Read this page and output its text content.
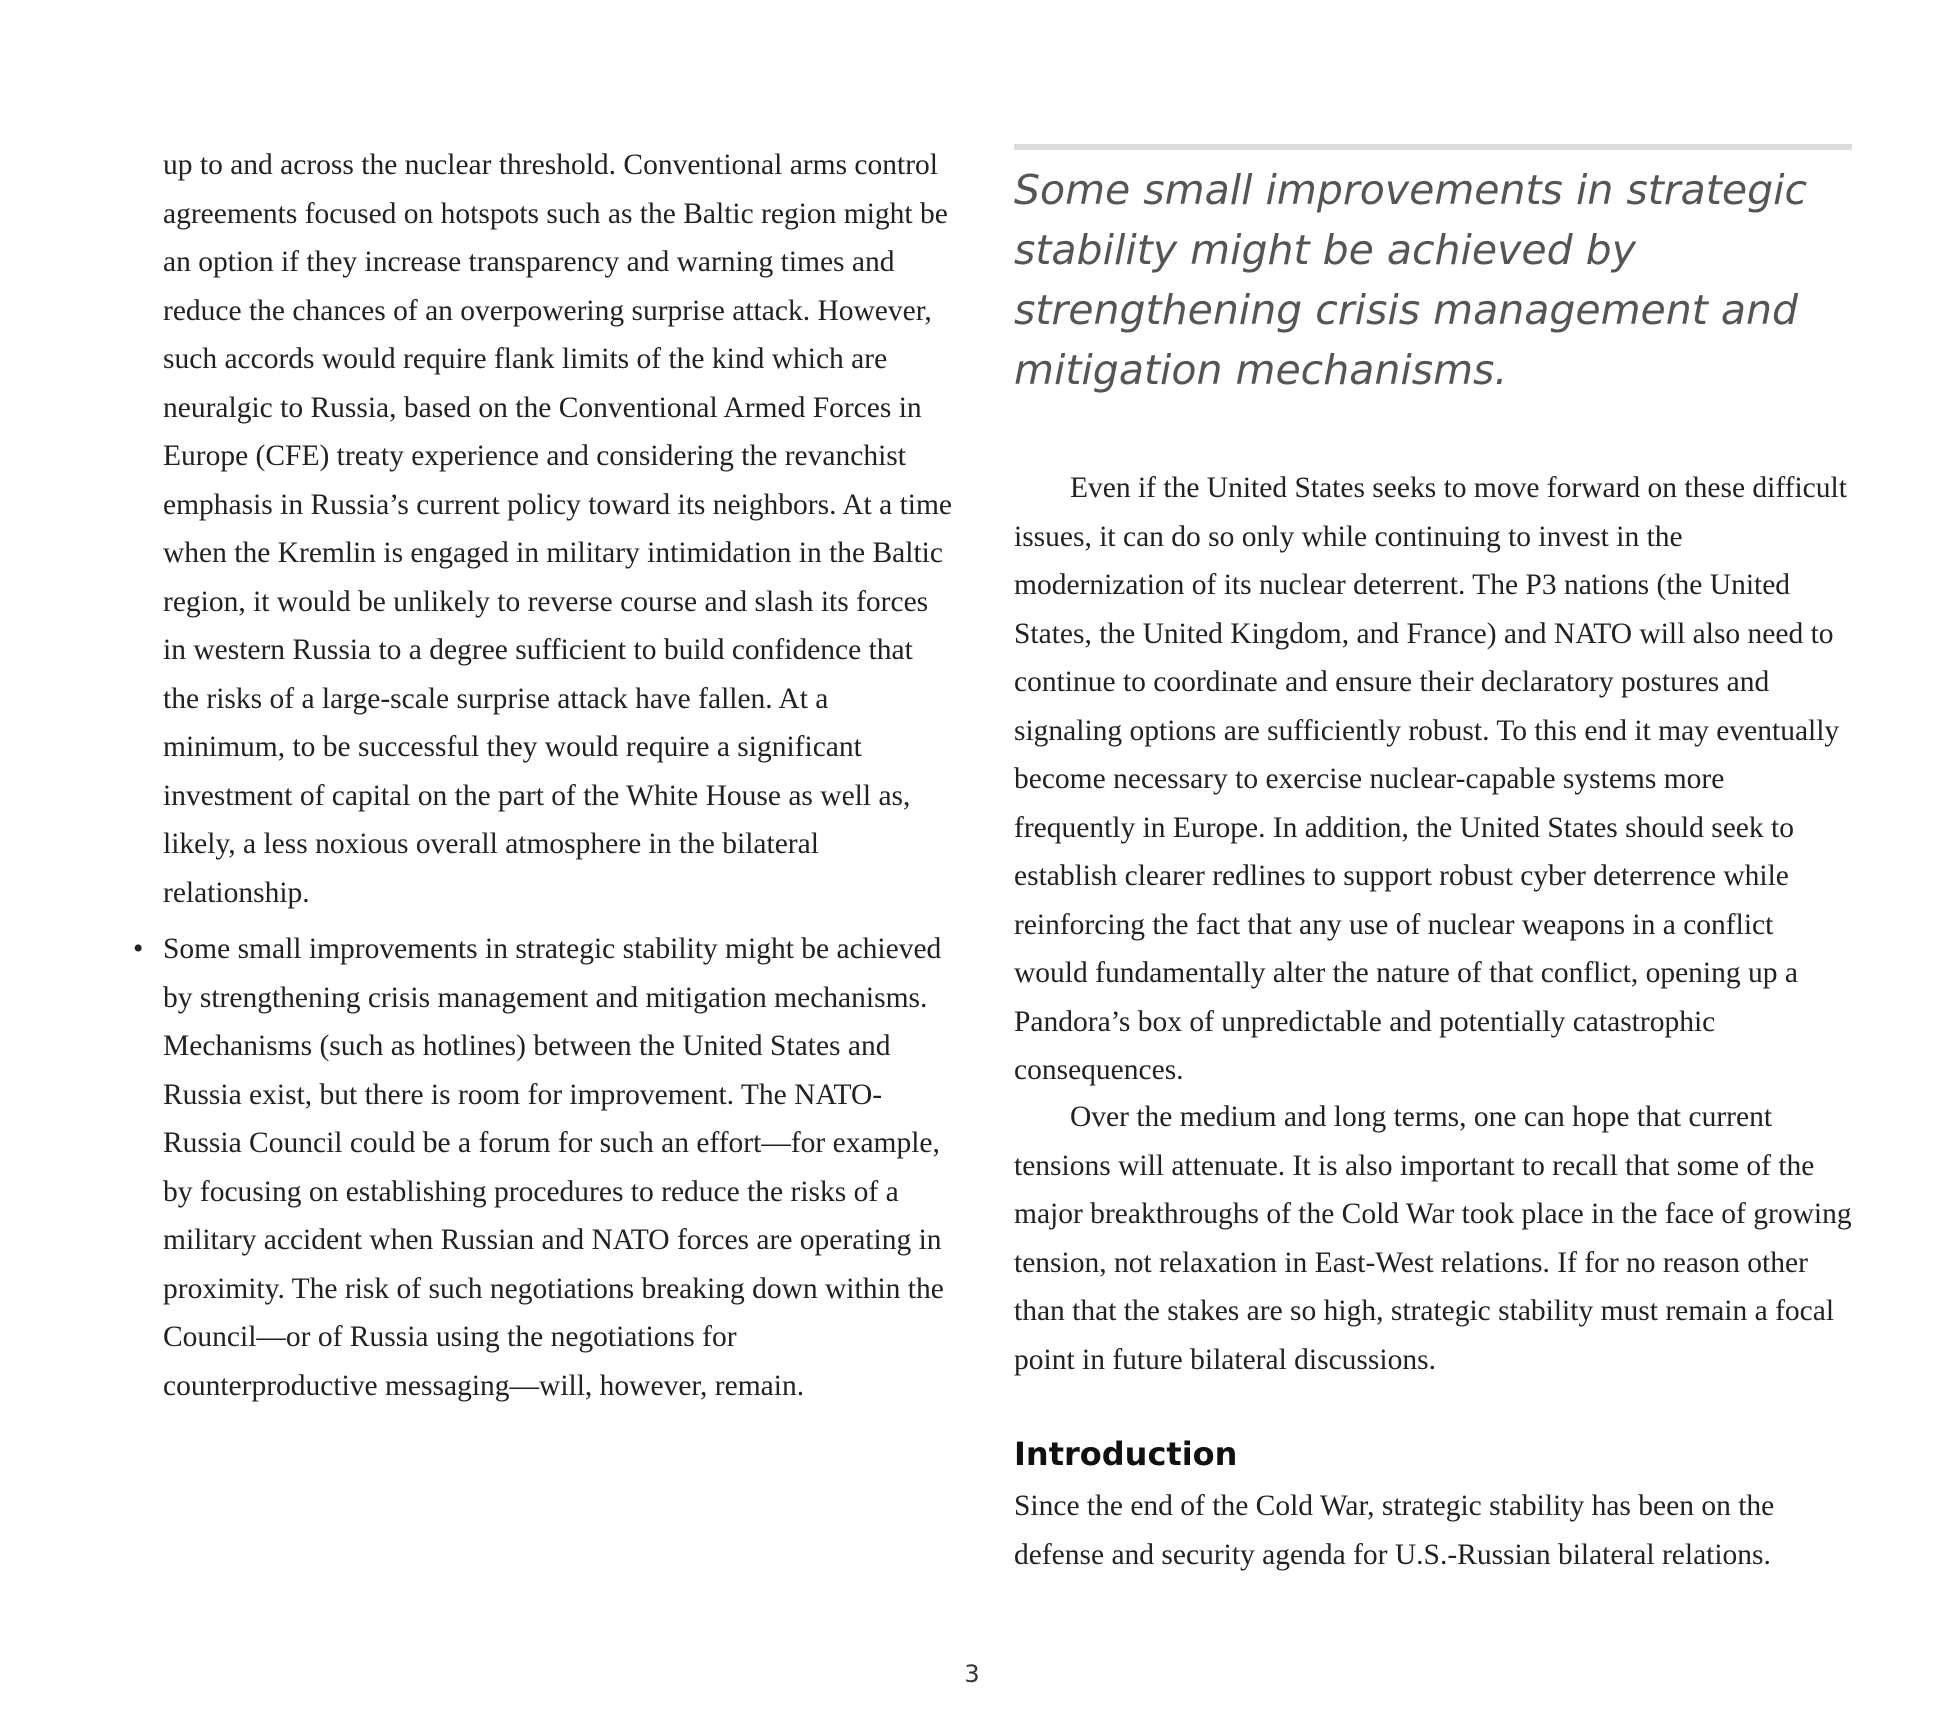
up to and across the nuclear threshold. Conventional arms control agreements focused on hotspots such as the Baltic region might be an option if they increase transparency and warning times and reduce the chances of an overpowering surprise attack. However, such accords would require flank limits of the kind which are neuralgic to Russia, based on the Conventional Armed Forces in Europe (CFE) treaty experience and considering the revanchist emphasis in Russia’s current policy toward its neighbors. At a time when the Kremlin is engaged in military intimidation in the Baltic region, it would be unlikely to reverse course and slash its forces in western Russia to a degree sufficient to build confidence that the risks of a large-scale surprise attack have fallen. At a minimum, to be successful they would require a significant investment of capital on the part of the White House as well as, likely, a less noxious overall atmosphere in the bilateral relationship.

• Some small improvements in strategic stability might be achieved by strengthening crisis management and mitigation mechanisms. Mechanisms (such as hotlines) between the United States and Russia exist, but there is room for improvement. The NATO-Russia Council could be a forum for such an effort—for example, by focusing on establishing procedures to reduce the risks of a military accident when Russian and NATO forces are operating in proximity. The risk of such negotiations breaking down within the Council—or of Russia using the negotiations for counterproductive messaging—will, however, remain.

Some small improvements in strategic stability might be achieved by strengthening crisis management and mitigation mechanisms.

Even if the United States seeks to move forward on these difficult issues, it can do so only while continuing to invest in the modernization of its nuclear deterrent. The P3 nations (the United States, the United Kingdom, and France) and NATO will also need to continue to coordinate and ensure their declaratory postures and signaling options are sufficiently robust. To this end it may eventually become necessary to exercise nuclear-capable systems more frequently in Europe. In addition, the United States should seek to establish clearer redlines to support robust cyber deterrence while reinforcing the fact that any use of nuclear weapons in a conflict would fundamentally alter the nature of that conflict, opening up a Pandora’s box of unpredictable and potentially catastrophic consequences.

Over the medium and long terms, one can hope that current tensions will attenuate. It is also important to recall that some of the major breakthroughs of the Cold War took place in the face of growing tension, not relaxation in East-West relations. If for no reason other than that the stakes are so high, strategic stability must remain a focal point in future bilateral discussions.

Introduction

Since the end of the Cold War, strategic stability has been on the defense and security agenda for U.S.-Russian bilateral relations.

3
